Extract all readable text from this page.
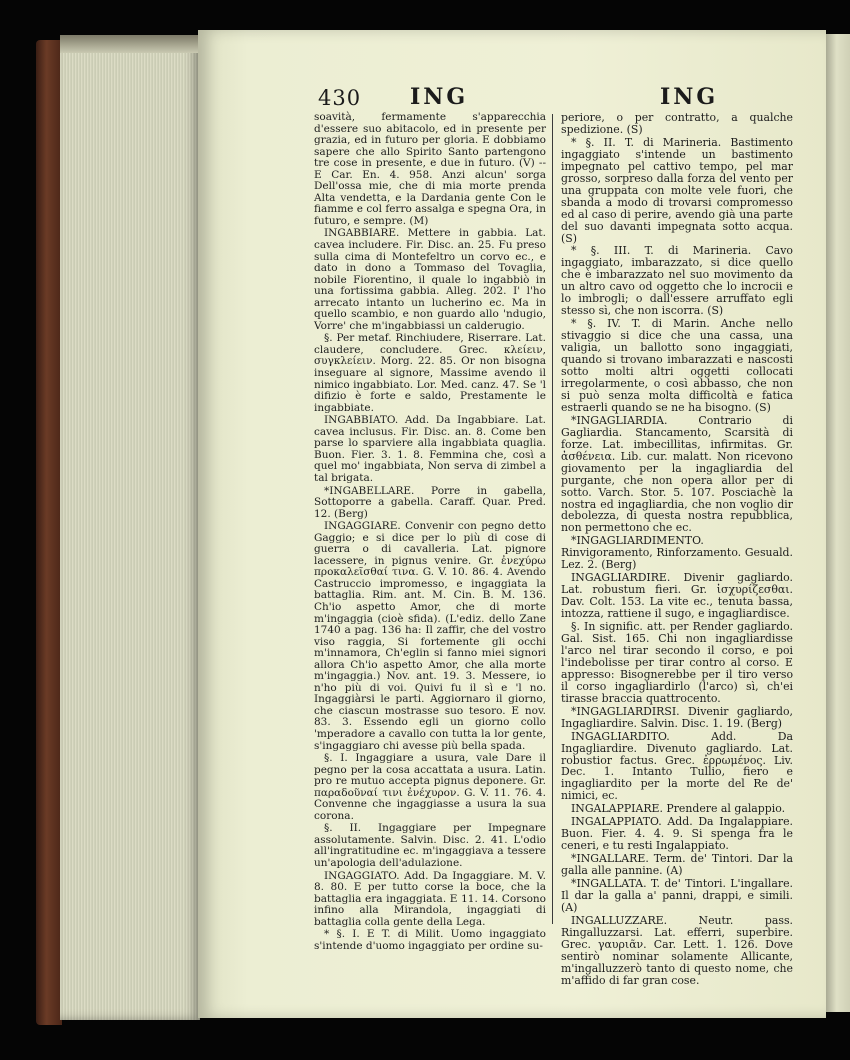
430 ING	ING

soavità, fermamente s'apparecchia d'essere suo abitacolo, ed in presente per grazia, ed in futuro per gloria. E dobbiamo sapere che allo Spirito Santo partengono tre cose in presente, e due in futuro. (V) -- E Car. En. 4. 958. Anzi alcun' sorga Dell'ossa mie, che di mia morte prenda Alta vendetta, e la Dardania gente Con le fiamme e col ferro assalga e spegna Ora, in futuro, e sempre. (M)

INGABBIARE. Mettere in gabbia. Lat. cavea includere. Fir. Disc. an. 25. Fu preso sulla cima di Montefeltro un corvo ec., e dato in dono a Tommaso del Tovaglia, nobile Fiorentino, il quale lo ingabbiò in una fortissima gabbia. Alleg. 202. I' l'ho arrecato intanto un lucherino ec. Ma in quello scambio, e non guardo allo 'ndugio, Vorre' che m'ingabbiassi un calderugio.

§. Per metaf. Rinchiudere, Riserrare. Lat. claudere, concludere. Grec. κλείειν, συγκλείειν. Morg. 22. 85. Or non bisogna inseguare al signore, Massime avendo il nimico ingabbiato. Lor. Med. canz. 47. Se 'l difizio è forte e saldo, Prestamente le ingabbiate.

INGABBIATO. Add. Da Ingabbiare. Lat. cavea inclusus. Fir. Disc. an. 8. Come ben parse lo sparviere alla ingabbiata quaglia. Buon. Fier. 3. 1. 8. Femmina che, così a quel mo' ingabbiata, Non serva di zimbel a tal brigata.

*INGABELLARE. Porre in gabella, Sottoporre a gabella. Caraff. Quar. Pred. 12. (Berg)

INGAGGIARE. Convenir con pegno detto Gaggio; e si dice per lo più di cose di guerra o di cavalleria. Lat. pignore lacessere, in pignus venire. Gr. ἐνεχύρω προκαλεῖσθαί τινα. G. V. 10. 86. 4. Avendo Castruccio impromesso, e ingaggiata la battaglia. Rim. ant. M. Cin. B. M. 136. Ch'io aspetto Amor, che di morte m'ingaggia (cioè sfida). (L'ediz. dello Zane 1740 a pag. 136 ha: Il zaffir, che del vostro viso raggia, Si fortemente gli occhi m'innamora, Ch'eglin si fanno miei signori allora Ch'io aspetto Amor, che alla morte m'ingaggia.) Nov. ant. 19. 3. Messere, io n'ho più di voi. Quivi fu il sì e 'l no. Ingaggiàrsi le parti. Aggiornaro il giorno, che ciascun mostrasse suo tesoro. E nov. 83. 3. Essendo egli un giorno collo 'mperadore a cavallo con tutta la lor gente, s'ingaggiaro chi avesse più bella spada.

§. I. Ingaggiare a usura, vale Dare il pegno per la cosa accattata a usura. Latin. pro re mutuo accepta pignus deponere. Gr. παραδοῦναί τινι ἐνέχυρον. G. V. 11. 76. 4. Convenne che ingaggiasse a usura la sua corona.

§. II. Ingaggiare per Impegnare assolutamente. Salvin. Disc. 2. 41. L'odio all'ingratitudine ec. m'ingaggiava a tessere un'apologia dell'adulazione.

INGAGGIATO. Add. Da Ingaggiare. M. V. 8. 80. E per tutto corse la boce, che la battaglia era ingaggiata. E 11. 14. Corsono infino alla Mirandola, ingaggiati di battaglia colla gente della Lega.

* §. I. E T. di Milit. Uomo ingaggiato s'intende d'uomo ingaggiato per ordine su-

periore, o per contratto, a qualche spedizione. (S)

* §. II. T. di Marineria. Bastimento ingaggiato s'intende un bastimento impegnato pel cattivo tempo, pel mar grosso, sorpreso dalla forza del vento per una gruppata con molte vele fuori, che sbanda a modo di trovarsi compromesso ed al caso di perire, avendo già una parte del suo davanti impegnata sotto acqua. (S)

* §. III. T. di Marineria. Cavo ingaggiato, imbarazzato, si dice quello che è imbarazzato nel suo movimento da un altro cavo od oggetto che lo incrocii e lo imbrogli; o dall'essere arruffato egli stesso sì, che non iscorra. (S)

* §. IV. T. di Marin. Anche nello stivaggio si dice che una cassa, una valigia, un ballotto sono ingaggiati, quando si trovano imbarazzati e nascosti sotto molti altri oggetti collocati irregolarmente, o così abbasso, che non si può senza molta difficoltà e fatica estraerli quando se ne ha bisogno. (S)

*INGAGLIARDIA. Contrario di Gagliardia. Stancamento, Scarsità di forze. Lat. imbecillitas, infirmitas. Gr. ἀσθένεια. Lib. cur. malatt. Non ricevono giovamento per la ingagliardia del purgante, che non opera allor per di sotto. Varch. Stor. 5. 107. Posciachè la nostra ed ingagliardia, che non voglio dir debolezza, di questa nostra repubblica, non permettono che ec.

*INGAGLIARDIMENTO. Rinvigoramento, Rinforzamento. Gesuald. Lez. 2. (Berg)

INGAGLIARDIRE. Divenir gagliardo. Lat. robustum fieri. Gr. ἰσχυρίζεσθαι. Dav. Colt. 153. La vite ec., tenuta bassa, intozza, rattiene il sugo, e ingagliardisce.

§. In signific. att. per Render gagliardo. Gal. Sist. 165. Chi non ingagliardisse l'arco nel tirar secondo il corso, e poi l'indebolisse per tirar contro al corso. E appresso: Bisognerebbe per il tiro verso il corso ingagliardirlo (l'arco) sì, ch'ei tirasse braccia quattrocento.

*INGAGLIARDIRSI. Divenir gagliardo, Ingagliardire. Salvin. Disc. 1. 19. (Berg)

INGAGLIARDITO. Add. Da Ingagliardire. Divenuto gagliardo. Lat. robustior factus. Grec. ἐρρωμένος. Liv. Dec. 1. Intanto Tullio, fiero e ingagliardito per la morte del Re de' nimici, ec.

INGALAPPIARE. Prendere al galappio.

INGALAPPIATO. Add. Da Ingalappiare. Buon. Fier. 4. 4. 9. Si spenga fra le ceneri, e tu resti Ingalappiato.

*INGALLARE. Term. de' Tintori. Dar la galla alle pannine. (A)

*INGALLATA. T. de' Tintori. L'ingallare. Il dar la galla a' panni, drappi, e simili. (A)

INGALLUZZARE. Neutr. pass. Ringalluzzarsi. Lat. efferri, superbire. Grec. γαυριᾶν. Car. Lett. 1. 126. Dove sentirò nominar solamente Allicante, m'ingalluzzerò tanto di questo nome, che m'affido di far gran cose.
